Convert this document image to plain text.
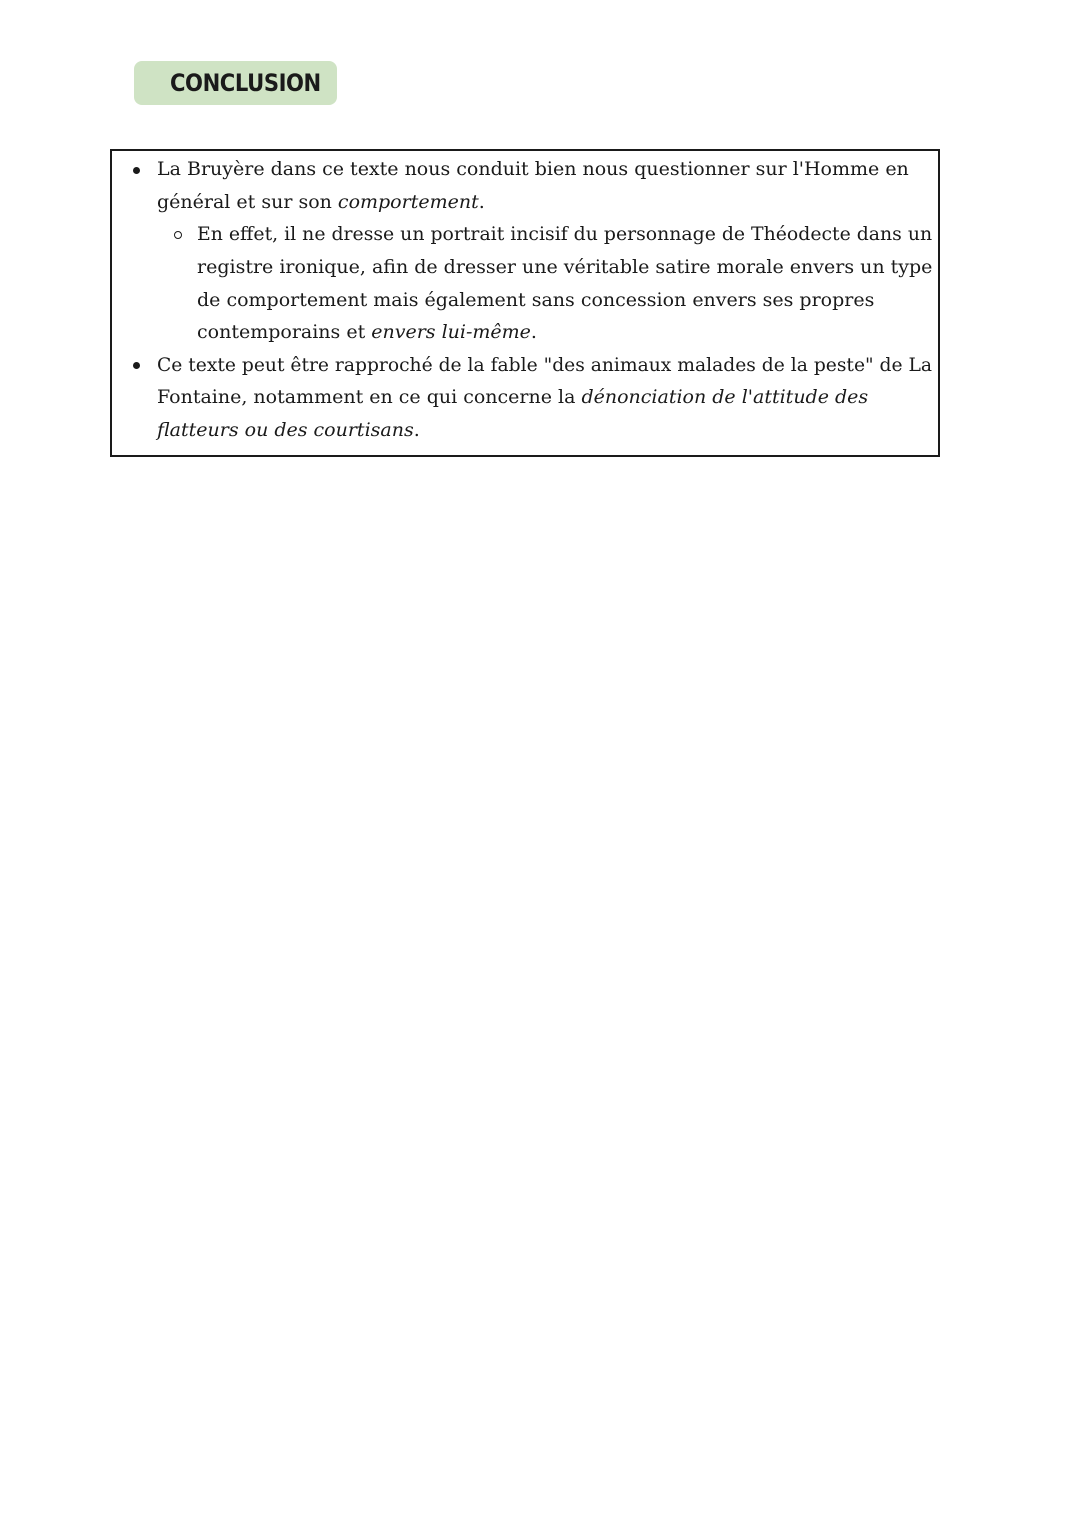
CONCLUSION
La Bruyère dans ce texte nous conduit bien nous questionner sur l'Homme en
général et sur son comportement.
En effet, il ne dresse un portrait incisif du personnage de Théodecte dans un
registre ironique, afin de dresser une véritable satire morale envers un type
de comportement mais également sans concession envers ses propres
contemporains et envers lui-même.
Ce texte peut être rapproché de la fable "des animaux malades de la peste" de La
Fontaine, notamment en ce qui concerne la dénonciation de l'attitude des
flatteurs ou des courtisans.
